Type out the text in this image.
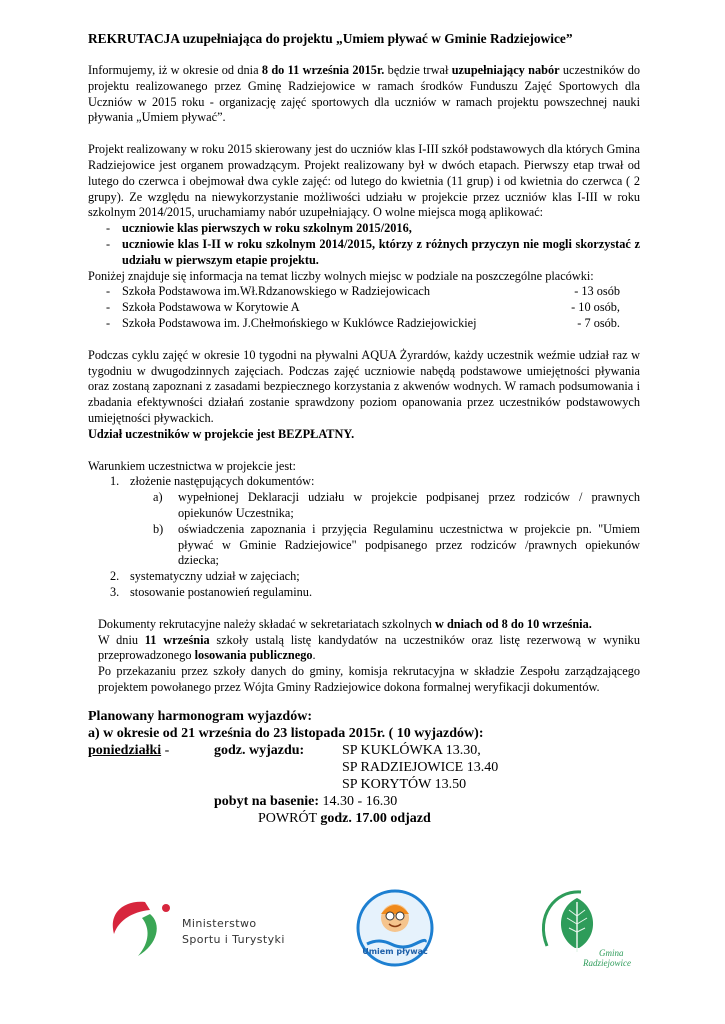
REKRUTACJA uzupełniająca do projektu „Umiem pływać w Gminie Radziejowice”

Informujemy, iż w okresie od dnia 8 do 11 września 2015r. będzie trwał uzupełniający nabór uczestników do projektu realizowanego przez Gminę Radziejowice w ramach środków Funduszu Zajęć Sportowych dla Uczniów w 2015 roku - organizację zajęć sportowych dla uczniów w ramach projektu powszechnej nauki pływania „Umiem pływać”.

Projekt realizowany w roku 2015 skierowany jest do uczniów klas I-III szkół podstawowych dla których Gmina Radziejowice jest organem prowadzącym. Projekt realizowany był w dwóch etapach. Pierwszy etap trwał od lutego do czerwca i obejmował dwa cykle zajęć: od lutego do kwietnia (11 grup) i od kwietnia do czerwca ( 2 grupy). Ze względu na niewykorzystanie możliwości udziału w projekcie przez uczniów klas I-III w roku szkolnym 2014/2015, uruchamiamy nabór uzupełniający. O wolne miejsca mogą aplikować:

- uczniowie klas pierwszych w roku szkolnym 2015/2016,
- uczniowie klas I-II w roku szkolnym 2014/2015, którzy z różnych przyczyn nie mogli skorzystać z udziału w pierwszym etapie projektu.

Poniżej znajduje się informacja na temat liczby wolnych miejsc w podziale na poszczególne placówki:

- Szkoła Podstawowa im.Wł.Rdzanowskiego w Radziejowicach	- 13 osób
- Szkoła Podstawowa w Korytowie A	- 10 osób,
- Szkoła Podstawowa im. J.Chełmońskiego w Kuklówce Radziejowickiej	- 7 osób.

Podczas cyklu zajęć w okresie 10 tygodni na pływalni AQUA Żyrardów, każdy uczestnik weźmie udział raz w tygodniu w dwugodzinnych zajęciach. Podczas zajęć uczniowie nabędą podstawowe umiejętności pływania oraz zostaną zapoznani z zasadami bezpiecznego korzystania z akwenów wodnych. W ramach podsumowania i zbadania efektywności działań zostanie sprawdzony poziom opanowania przez uczestników podstawowych umiejętności pływackich.

Udział uczestników w projekcie jest BEZPŁATNY.

Warunkiem uczestnictwa w projekcie jest:

1. złożenie następujących dokumentów:
a) wypełnionej Deklaracji udziału w projekcie podpisanej przez rodziców / prawnych opiekunów Uczestnika;
b) oświadczenia zapoznania i przyjęcia Regulaminu uczestnictwa w projekcie pn. "Umiem pływać w Gminie Radziejowice" podpisanego przez rodziców /prawnych opiekunów dziecka;
2. systematyczny udział w zajęciach;
3. stosowanie postanowień regulaminu.

Dokumenty rekrutacyjne należy składać w sekretariatach szkolnych w dniach od 8 do 10 września.

W dniu 11 września szkoły ustalą listę kandydatów na uczestników oraz listę rezerwową w wyniku przeprowadzonego losowania publicznego.

Po przekazaniu przez szkoły danych do gminy, komisja rekrutacyjna w składzie Zespołu zarządzającego projektem powołanego przez Wójta Gminy Radziejowice dokona formalnej weryfikacji dokumentów.

Planowany harmonogram wyjazdów:
a) w okresie od 21 września do 23 listopada 2015r. ( 10 wyjazdów):
poniedziałki -	godz. wyjazdu:	SP KUKLÓWKA 13.30,
SP RADZIEJOWICE 13.40
SP KORYTÓW 13.50
pobyt na basenie: 14.30 - 16.30
POWRÓT godz. 17.00 odjazd
Ministerstwo
Sportu i Turystyki
Umiem pływać	Gmina
Radziejowice
